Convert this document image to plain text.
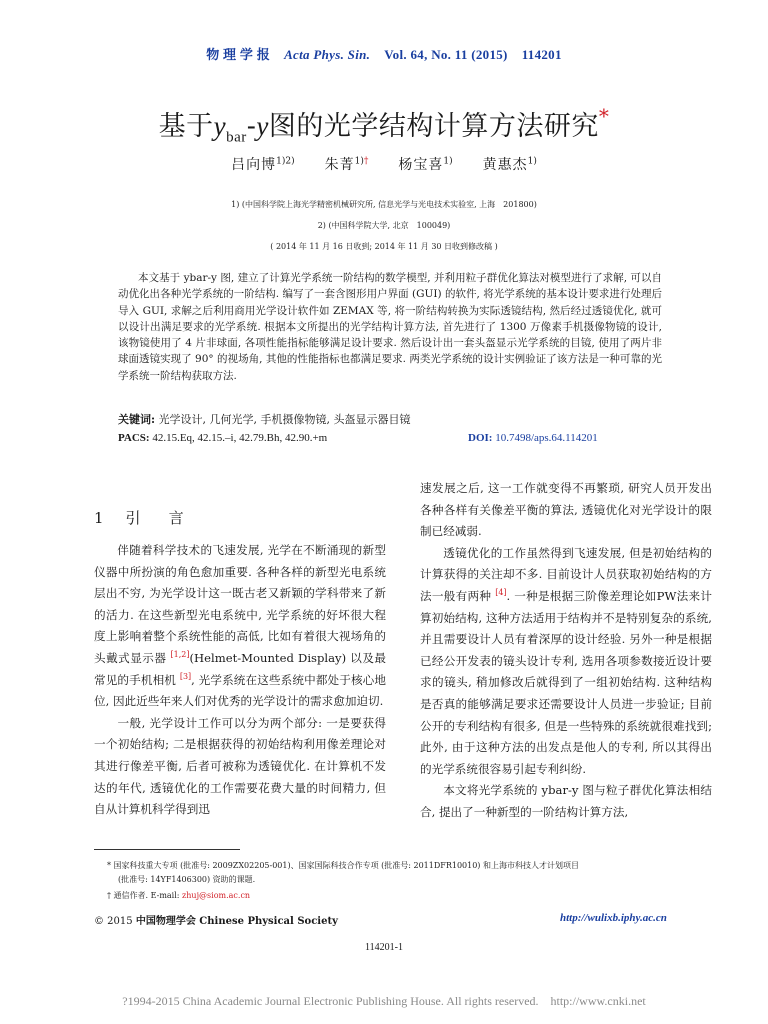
物 理 学 报 Acta Phys. Sin. Vol. 64, No. 11 (2015) 114201
基于$y_{bar}-y$图的光学结构计算方法研究*
吕向博$^{1)2)}$　　 朱菁$^{1)\dagger}$　　 杨宝喜$^{1)}$　　 黄惠杰$^{1)}$
1) (中国科学院上海光学精密机械研究所, 信息光学与光电技术实验室, 上海　201800)
2) (中国科学院大学, 北京　100049)
( 2014 年 11 月 16 日收到; 2014 年 11 月 30 日收到修改稿 )
本文基于 ybar-y 图, 建立了计算光学系统一阶结构的数学模型, 并利用粒子群优化算法对模型进行了求解, 可以自动优化出各种光学系统的一阶结构. 编写了一套含图形用户界面 (GUI) 的软件, 将光学系统的基本设计要求进行处理后导入 GUI, 求解之后利用商用光学设计软件如 ZEMAX 等, 将一阶结构转换为实际透镜结构, 然后经过透镜优化, 就可以设计出满足要求的光学系统. 根据本文所提出的光学结构计算方法, 首先进行了 1300 万像素手机摄像物镜的设计, 该物镜使用了 4 片非球面, 各项性能指标能够满足设计要求. 然后设计出一套头盔显示光学系统的目镜, 使用了两片非球面透镜实现了 90° 的视场角, 其他的性能指标也都满足要求. 两类光学系统的设计实例验证了该方法是一种可靠的光学系统一阶结构获取方法.
关键词: 光学设计, 几何光学, 手机摄像物镜, 头盔显示器目镜
PACS: 42.15.Eq, 42.15.–i, 42.79.Bh, 42.90.+m	DOI: 10.7498/aps.64.114201
1 引 言

伴随着科学技术的飞速发展, 光学在不断涌现的新型仪器中所扮演的角色愈加重要. 各种各样的新型光电系统层出不穷, 为光学设计这一既古老又新颖的学科带来了新的活力. 在这些新型光电系统中, 光学系统的好坏很大程度上影响着整个系统性能的高低, 比如有着很大视场角的头戴式显示器 [1,2](Helmet-Mounted Display) 以及最常见的手机相机 [3], 光学系统在这些系统中都处于核心地位, 因此近些年来人们对优秀的光学设计的需求愈加迫切.

一般, 光学设计工作可以分为两个部分: 一是要获得一个初始结构; 二是根据获得的初始结构利用像差理论对其进行像差平衡, 后者可被称为透镜优化. 在计算机不发达的年代, 透镜优化的工作需要花费大量的时间精力, 但自从计算机科学得到迅

速发展之后, 这一工作就变得不再繁琐, 研究人员开发出各种各样有关像差平衡的算法, 透镜优化对光学设计的限制已经减弱.

透镜优化的工作虽然得到飞速发展, 但是初始结构的计算获得的关注却不多. 目前设计人员获取初始结构的方法一般有两种 [4]. 一种是根据三阶像差理论如PW法来计算初始结构, 这种方法适用于结构并不是特别复杂的系统, 并且需要设计人员有着深厚的设计经验. 另外一种是根据已经公开发表的镜头设计专利, 选用各项参数接近设计要求的镜头, 稍加修改后就得到了一组初始结构. 这种结构是否真的能够满足要求还需要设计人员进一步验证; 目前公开的专利结构有很多, 但是一些特殊的系统就很难找到; 此外, 由于这种方法的出发点是他人的专利, 所以其得出的光学系统很容易引起专利纠纷.

本文将光学系统的 ybar-y 图与粒子群优化算法相结合, 提出了一种新型的一阶结构计算方法,

* 国家科技重大专项 (批准号: 2009ZX02205-001)、国家国际科技合作专项 (批准号: 2011DFR10010) 和上海市科技人才计划项目
(批准号: 14YF1406300) 资助的课题.
† 通信作者. E-mail: zhuj@siom.ac.cn
© 2015 中国物理学会 Chinese Physical Society	http://wulixb.iphy.ac.cn
114201-1
?1994-2015 China Academic Journal Electronic Publishing House. All rights reserved.　http://www.cnki.net
